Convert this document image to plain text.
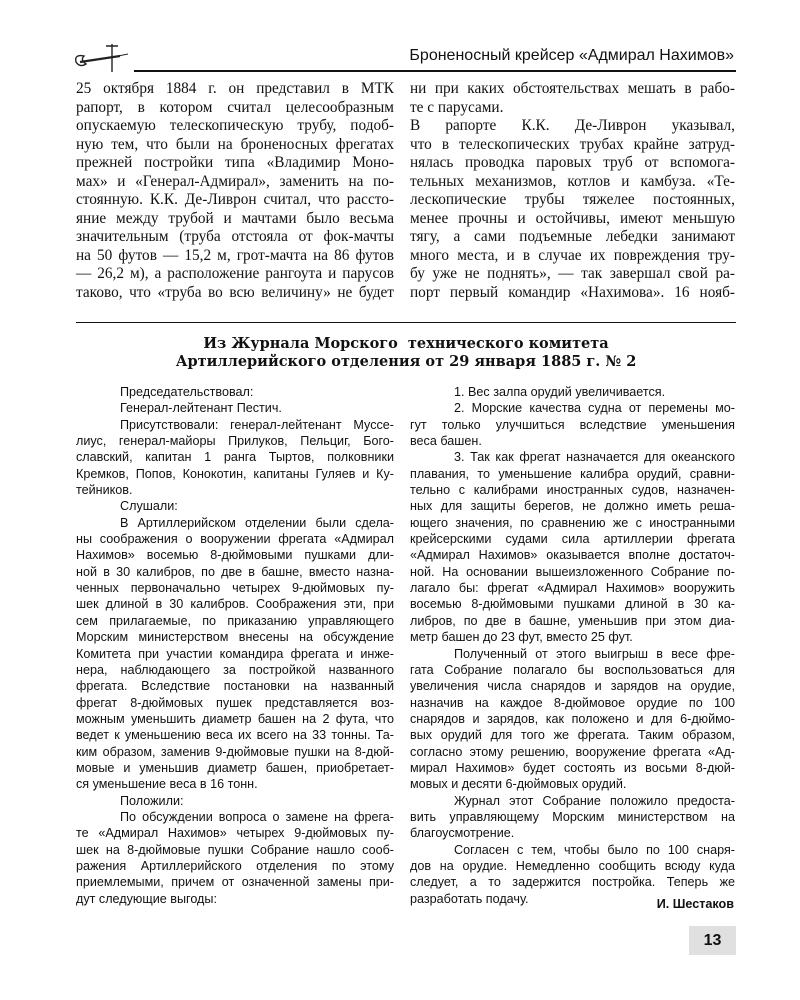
Броненосный крейсер «Адмирал Нахимов»
25 октября 1884 г. он представил в МТК
рапорт, в котором считал целесообразным
опускаемую телескопическую трубу, подоб-
ную тем, что были на броненосных фрегатах
прежней постройки типа «Владимир Моно-
мах» и «Генерал-Адмирал», заменить на по-
стоянную. К.К. Де-Ливрон считал, что рассто-
яние между трубой и мачтами было весьма
значительным (труба отстояла от фок-мачты
на 50 футов — 15,2 м, грот-мачта на 86 футов
— 26,2 м), а расположение рангоута и парусов
таково, что «труба во всю величину» не будет
ни при каких обстоятельствах мешать в рабо-
те с парусами.
В рапорте К.К. Де-Ливрон указывал,
что в телескопических трубах крайне затруд-
нялась проводка паровых труб от вспомога-
тельных механизмов, котлов и камбуза. «Те-
лескопические трубы тяжелее постоянных,
менее прочны и остойчивы, имеют меньшую
тягу, а сами подъемные лебедки занимают
много места, и в случае их повреждения тру-
бу уже не поднять», — так завершал свой ра-
порт первый командир «Нахимова». 16 нояб-
Из Журнала Морского  технического комитета
Артиллерийского отделения от 29 января 1885 г. № 2
Председательствовал:
Генерал-лейтенант Пестич.
Присутствовали: генерал-лейтенант Муссе-
лиус, генерал-майоры Прилуков, Пельциг, Бого-
славский, капитан 1 ранга Тыртов, полковники
Кремков, Попов, Конокотин, капитаны Гуляев и Ку-
тейников.
Слушали:
В Артиллерийском отделении были сдела-
ны соображения о вооружении фрегата «Адмирал
Нахимов» восемью 8-дюймовыми пушками дли-
ной в 30 калибров, по две в башне, вместо назна-
ченных первоначально четырех 9-дюймовых пу-
шек длиной в 30 калибров. Соображения эти, при
сем прилагаемые, по приказанию управляющего
Морским министерством внесены на обсуждение
Комитета при участии командира фрегата и инже-
нера, наблюдающего за постройкой названного
фрегата. Вследствие постановки на названный
фрегат 8-дюймовых пушек представляется воз-
можным уменьшить диаметр башен на 2 фута, что
ведет к уменьшению веса их всего на 33 тонны. Та-
ким образом, заменив 9-дюймовые пушки на 8-дюй-
мовые и уменьшив диаметр башен, приобретает-
ся уменьшение веса в 16 тонн.
Положили:
По обсуждении вопроса о замене на фрега-
те «Адмирал Нахимов» четырех 9-дюймовых пу-
шек на 8-дюймовые пушки Собрание нашло сооб-
ражения Артиллерийского отделения по этому
приемлемыми, причем от означенной замены при-
дут следующие выгоды:
1. Вес залпа орудий увеличивается.
2. Морские качества судна от перемены мо-
гут только улучшиться вследствие уменьшения
веса башен.
3. Так как фрегат назначается для океанского
плавания, то уменьшение калибра орудий, сравни-
тельно с калибрами иностранных судов, назначен-
ных для защиты берегов, не должно иметь реша-
ющего значения, по сравнению же с иностранными
крейсерскими судами сила артиллерии фрегата
«Адмирал Нахимов» оказывается вполне достаточ-
ной. На основании вышеизложенного Собрание по-
лагало бы: фрегат «Адмирал Нахимов» вооружить
восемью 8-дюймовыми пушками длиной в 30 ка-
либров, по две в башне, уменьшив при этом диа-
метр башен до 23 фут, вместо 25 фут.
Полученный от этого выигрыш в весе фре-
гата Собрание полагало бы воспользоваться для
увеличения числа снарядов и зарядов на орудие,
назначив на каждое 8-дюймовое орудие по 100
снарядов и зарядов, как положено и для 6-дюймо-
вых орудий для того же фрегата. Таким образом,
согласно этому решению, вооружение фрегата «Ад-
мирал Нахимов» будет состоять из восьми 8-дюй-
мовых и десяти 6-дюймовых орудий.
Журнал этот Собрание положило предоста-
вить управляющему Морским министерством на
благоусмотрение.
Согласен с тем, чтобы было по 100 снаря-
дов на орудие. Немедленно сообщить всюду куда
следует, а то задержится постройка. Теперь же
разработать подачу.	И. Шестаков
13
